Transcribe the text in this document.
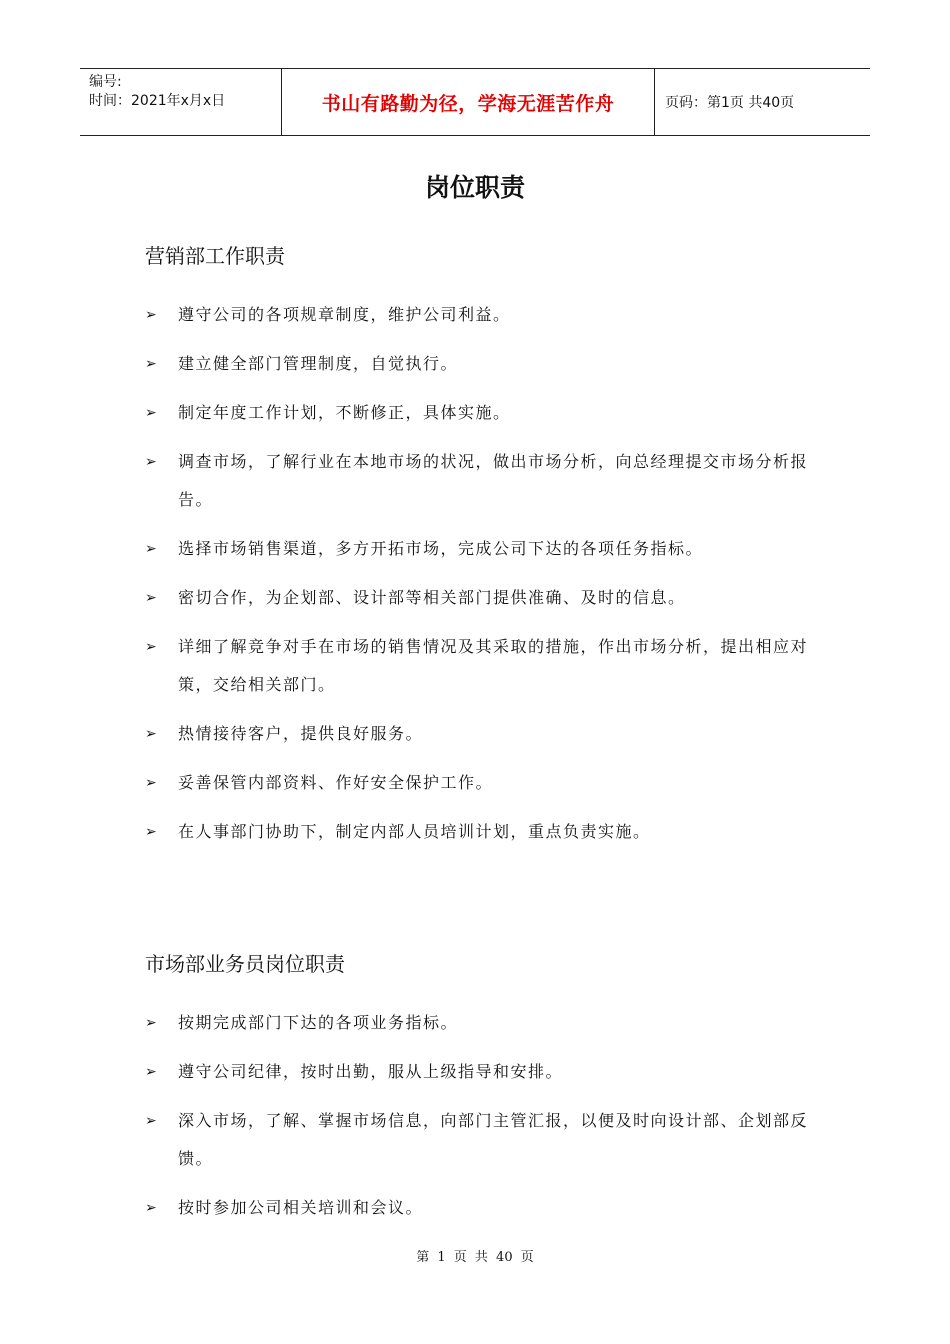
编号:
时间：2021年x月x日	书山有路勤为径，学海无涯苦作舟	页码：第1页 共40页
岗位职责
营销部工作职责
➢ 遵守公司的各项规章制度，维护公司利益。
➢ 建立健全部门管理制度，自觉执行。
➢ 制定年度工作计划，不断修正，具体实施。
➢ 调查市场，了解行业在本地市场的状况，做出市场分析，向总经理提交市场分析报告。
➢ 选择市场销售渠道，多方开拓市场，完成公司下达的各项任务指标。
➢ 密切合作，为企划部、设计部等相关部门提供准确、及时的信息。
➢ 详细了解竞争对手在市场的销售情况及其采取的措施，作出市场分析，提出相应对策，交给相关部门。
➢ 热情接待客户，提供良好服务。
➢ 妥善保管内部资料、作好安全保护工作。
➢ 在人事部门协助下，制定内部人员培训计划，重点负责实施。
市场部业务员岗位职责
➢ 按期完成部门下达的各项业务指标。
➢ 遵守公司纪律，按时出勤，服从上级指导和安排。
➢ 深入市场，了解、掌握市场信息，向部门主管汇报，以便及时向设计部、企划部反馈。
➢ 按时参加公司相关培训和会议。
第 1 页 共 40 页
